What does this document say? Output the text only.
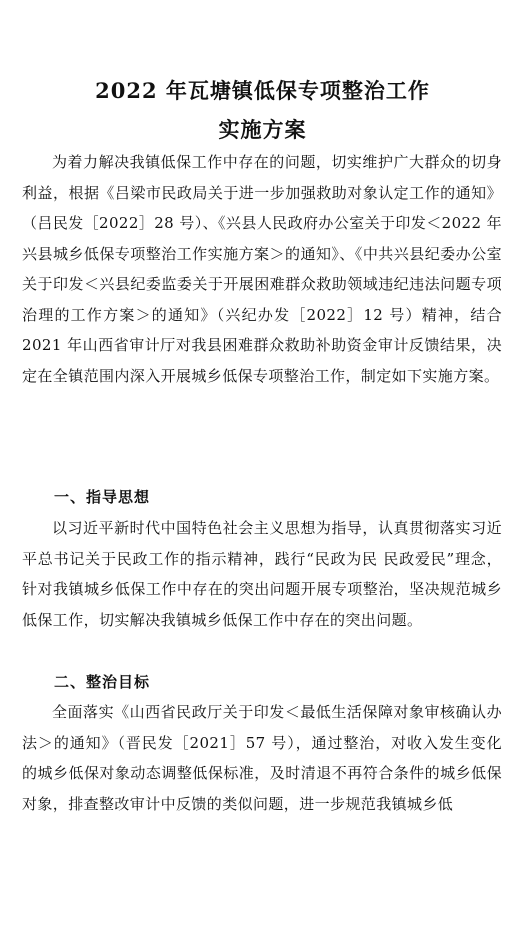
2022 年瓦塘镇低保专项整治工作
实施方案

为着力解决我镇低保工作中存在的问题，切实维护广大群众的切身利益，根据《吕梁市民政局关于进一步加强救助对象认定工作的通知》（吕民发［2022］28 号）、《兴县人民政府办公室关于印发＜2022 年兴县城乡低保专项整治工作实施方案＞的通知》、《中共兴县纪委办公室关于印发＜兴县纪委监委关于开展困难群众救助领域违纪违法问题专项治理的工作方案＞的通知》（兴纪办发［2022］12 号）精神，结合 2021 年山西省审计厅对我县困难群众救助补助资金审计反馈结果，决定在全镇范围内深入开展城乡低保专项整治工作，制定如下实施方案。

一、指导思想

以习近平新时代中国特色社会主义思想为指导，认真贯彻落实习近平总书记关于民政工作的指示精神，践行“民政为民 民政爱民”理念，针对我镇城乡低保工作中存在的突出问题开展专项整治，坚决规范城乡低保工作，切实解决我镇城乡低保工作中存在的突出问题。

二、整治目标

全面落实《山西省民政厅关于印发＜最低生活保障对象审核确认办法＞的通知》（晋民发［2021］57 号），通过整治，对收入发生变化的城乡低保对象动态调整低保标准，及时清退不再符合条件的城乡低保对象，排查整改审计中反馈的类似问题，进一步规范我镇城乡低
